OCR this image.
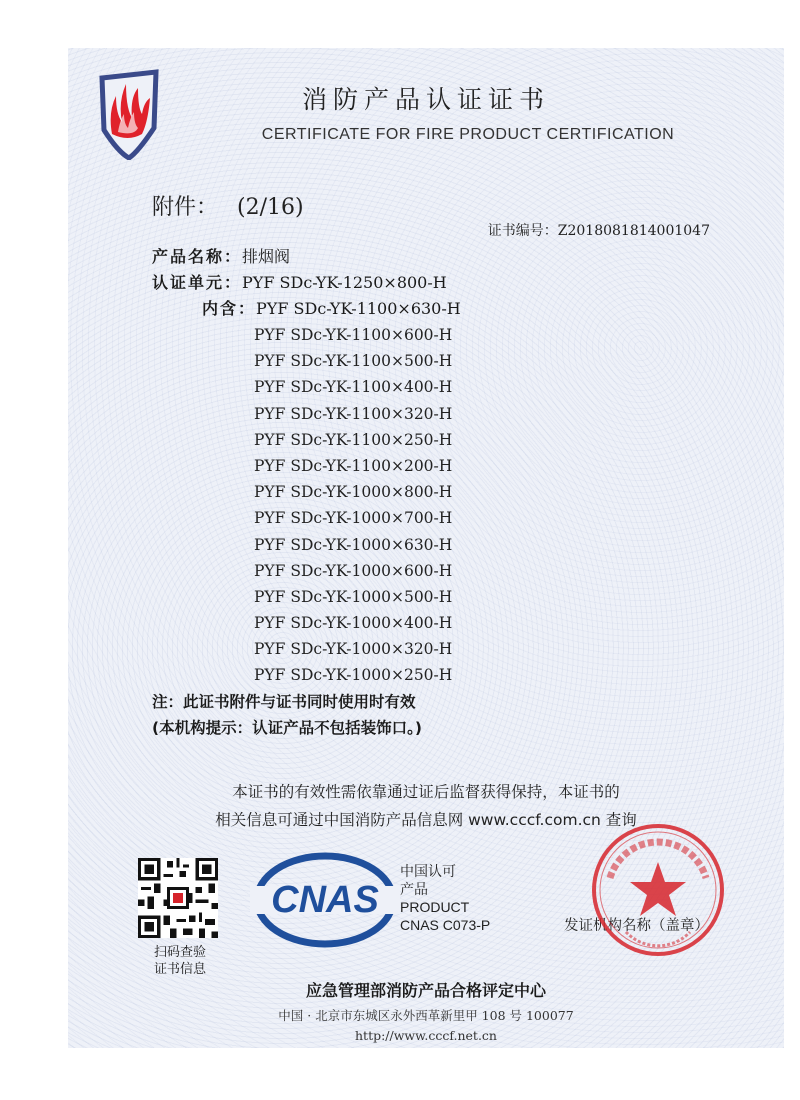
消防产品认证证书
CERTIFICATE FOR FIRE PRODUCT CERTIFICATION
附件： (2/16)
证书编号：Z2018081814001047
产品名称：排烟阀
认证单元：PYF SDc-YK-1250×800-H
内含：PYF SDc-YK-1100×630-H
PYF SDc-YK-1100×600-H
PYF SDc-YK-1100×500-H
PYF SDc-YK-1100×400-H
PYF SDc-YK-1100×320-H
PYF SDc-YK-1100×250-H
PYF SDc-YK-1100×200-H
PYF SDc-YK-1000×800-H
PYF SDc-YK-1000×700-H
PYF SDc-YK-1000×630-H
PYF SDc-YK-1000×600-H
PYF SDc-YK-1000×500-H
PYF SDc-YK-1000×400-H
PYF SDc-YK-1000×320-H
PYF SDc-YK-1000×250-H
注：此证书附件与证书同时使用时有效
(本机构提示：认证产品不包括装饰口。)
本证书的有效性需依靠通过证后监督获得保持，本证书的
相关信息可通过中国消防产品信息网 www.cccf.com.cn 查询
扫码查验
证书信息
CNAS
中国认可
产品
PRODUCT
CNAS C073-P	发证机构名称（盖章）
应急管理部消防产品合格评定中心
中国 · 北京市东城区永外西革新里甲 108 号 100077
http://www.cccf.net.cn
